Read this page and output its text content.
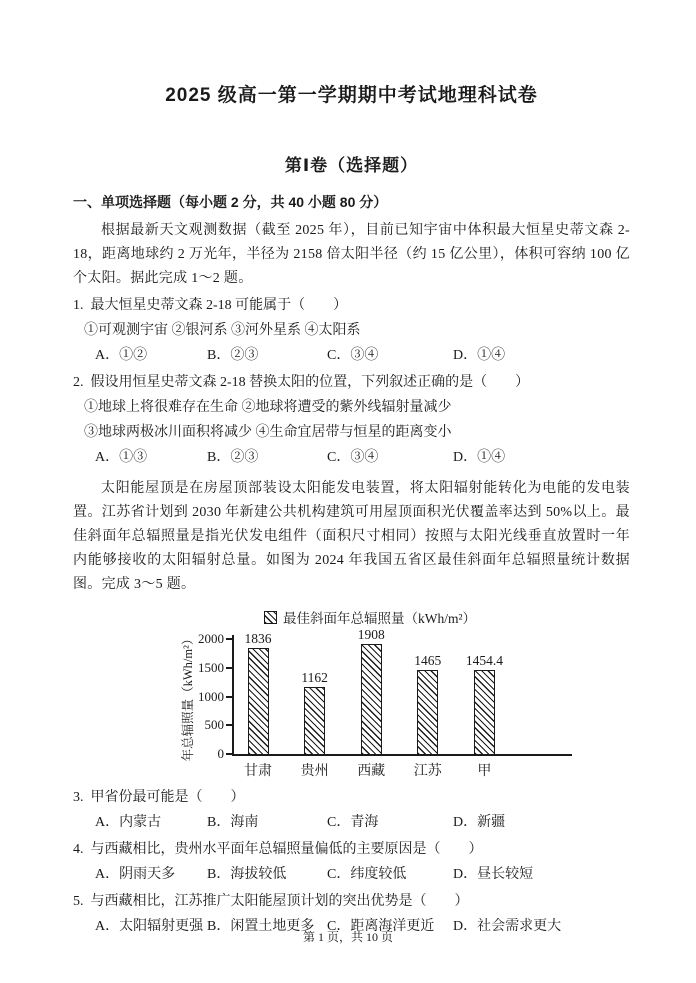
2025 级高一第一学期期中考试地理科试卷
第Ⅰ卷（选择题）
一、单项选择题（每小题 2 分，共 40 小题 80 分）
根据最新天文观测数据（截至 2025 年），目前已知宇宙中体积最大恒星史蒂文森 2-18，距离地球约 2 万光年，半径为 2158 倍太阳半径（约 15 亿公里），体积可容纳 100 亿个太阳。据此完成 1～2 题。
1. 最大恒星史蒂文森 2-18 可能属于（　　）
①可观测宇宙 ②银河系 ③河外星系 ④太阳系
A．①②	B．②③	C．③④	D．①④
2. 假设用恒星史蒂文森 2-18 替换太阳的位置，下列叙述正确的是（　　）
①地球上将很难存在生命 ②地球将遭受的紫外线辐射量减少
③地球两极冰川面积将减少 ④生命宜居带与恒星的距离变小
A．①③	B．②③	C．③④	D．①④
太阳能屋顶是在房屋顶部装设太阳能发电装置，将太阳辐射能转化为电能的发电装置。江苏省计划到 2030 年新建公共机构建筑可用屋顶面积光伏覆盖率达到 50%以上。最佳斜面年总辐照量是指光伏发电组件（面积尺寸相同）按照与太阳光线垂直放置时一年内能够接收的太阳辐射总量。如图为 2024 年我国五省区最佳斜面年总辐照量统计数据图。完成 3～5 题。
最佳斜面年总辐照量（kWh/m²）
年总辐照量（kWh/m²）	0
500
1000
1500
2000	1836
甘肃
1162
贵州
1908
西藏
1465
江苏
1454.4
甲
3. 甲省份最可能是（　　）
A．内蒙古	B．海南	C．青海	D．新疆
4. 与西藏相比，贵州水平面年总辐照量偏低的主要原因是（　　）
A．阴雨天多	B．海拔较低	C．纬度较低	D．昼长较短
5. 与西藏相比，江苏推广太阳能屋顶计划的突出优势是（　　）
A．太阳辐射更强 B．闲置土地更多 C．距离海洋更近	D．社会需求更大
第 1 页，共 10 页
